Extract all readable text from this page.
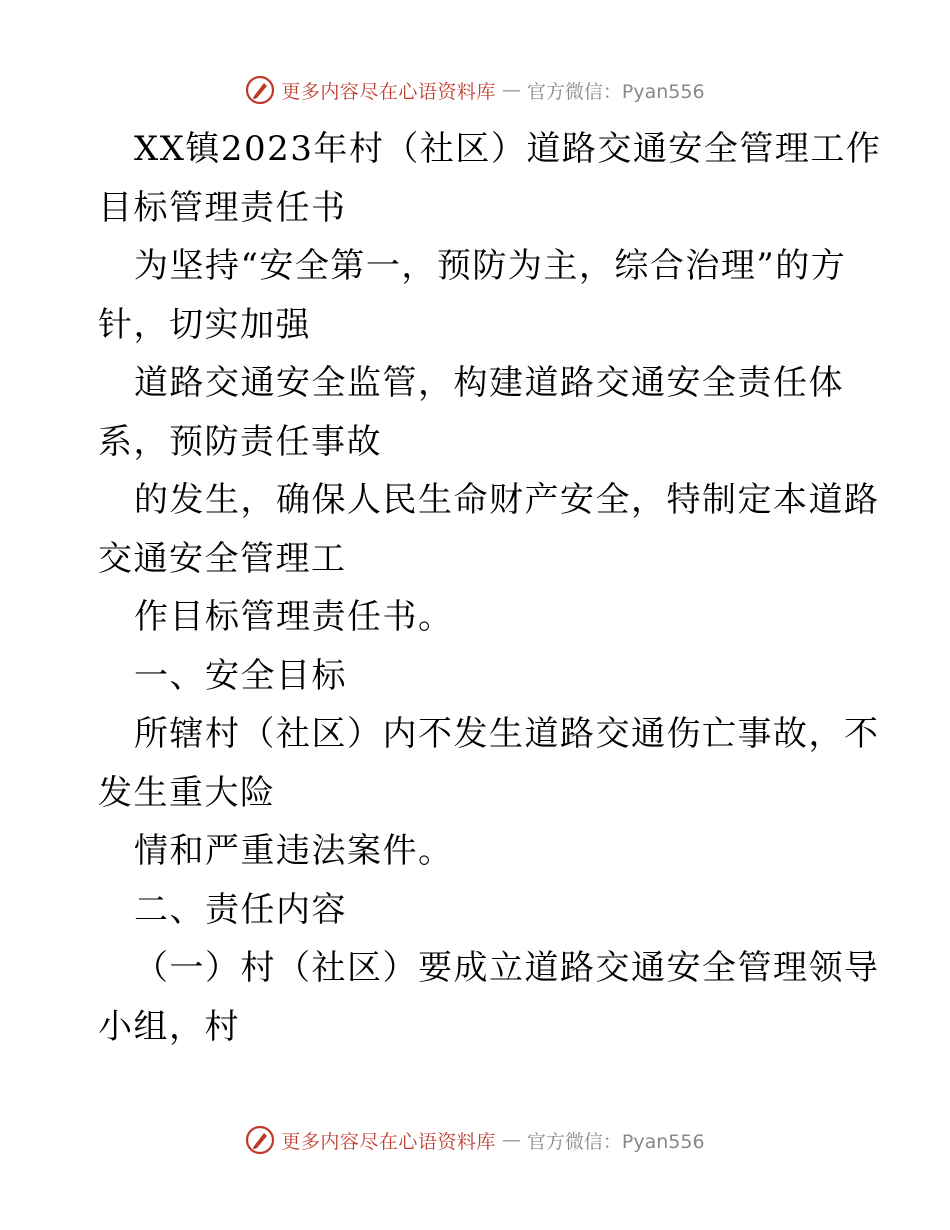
更多内容尽在心语资料库 — 官方微信：Pyan556
XX镇2023年村（社区）道路交通安全管理工作
目标管理责任书
为坚持“安全第一，预防为主，综合治理”的方
针，切实加强
道路交通安全监管，构建道路交通安全责任体
系，预防责任事故
的发生，确保人民生命财产安全，特制定本道路
交通安全管理工
作目标管理责任书。
一、安全目标
所辖村（社区）内不发生道路交通伤亡事故，不
发生重大险
情和严重违法案件。
二、责任内容
（一）村（社区）要成立道路交通安全管理领导
小组，村
更多内容尽在心语资料库 — 官方微信：Pyan556
